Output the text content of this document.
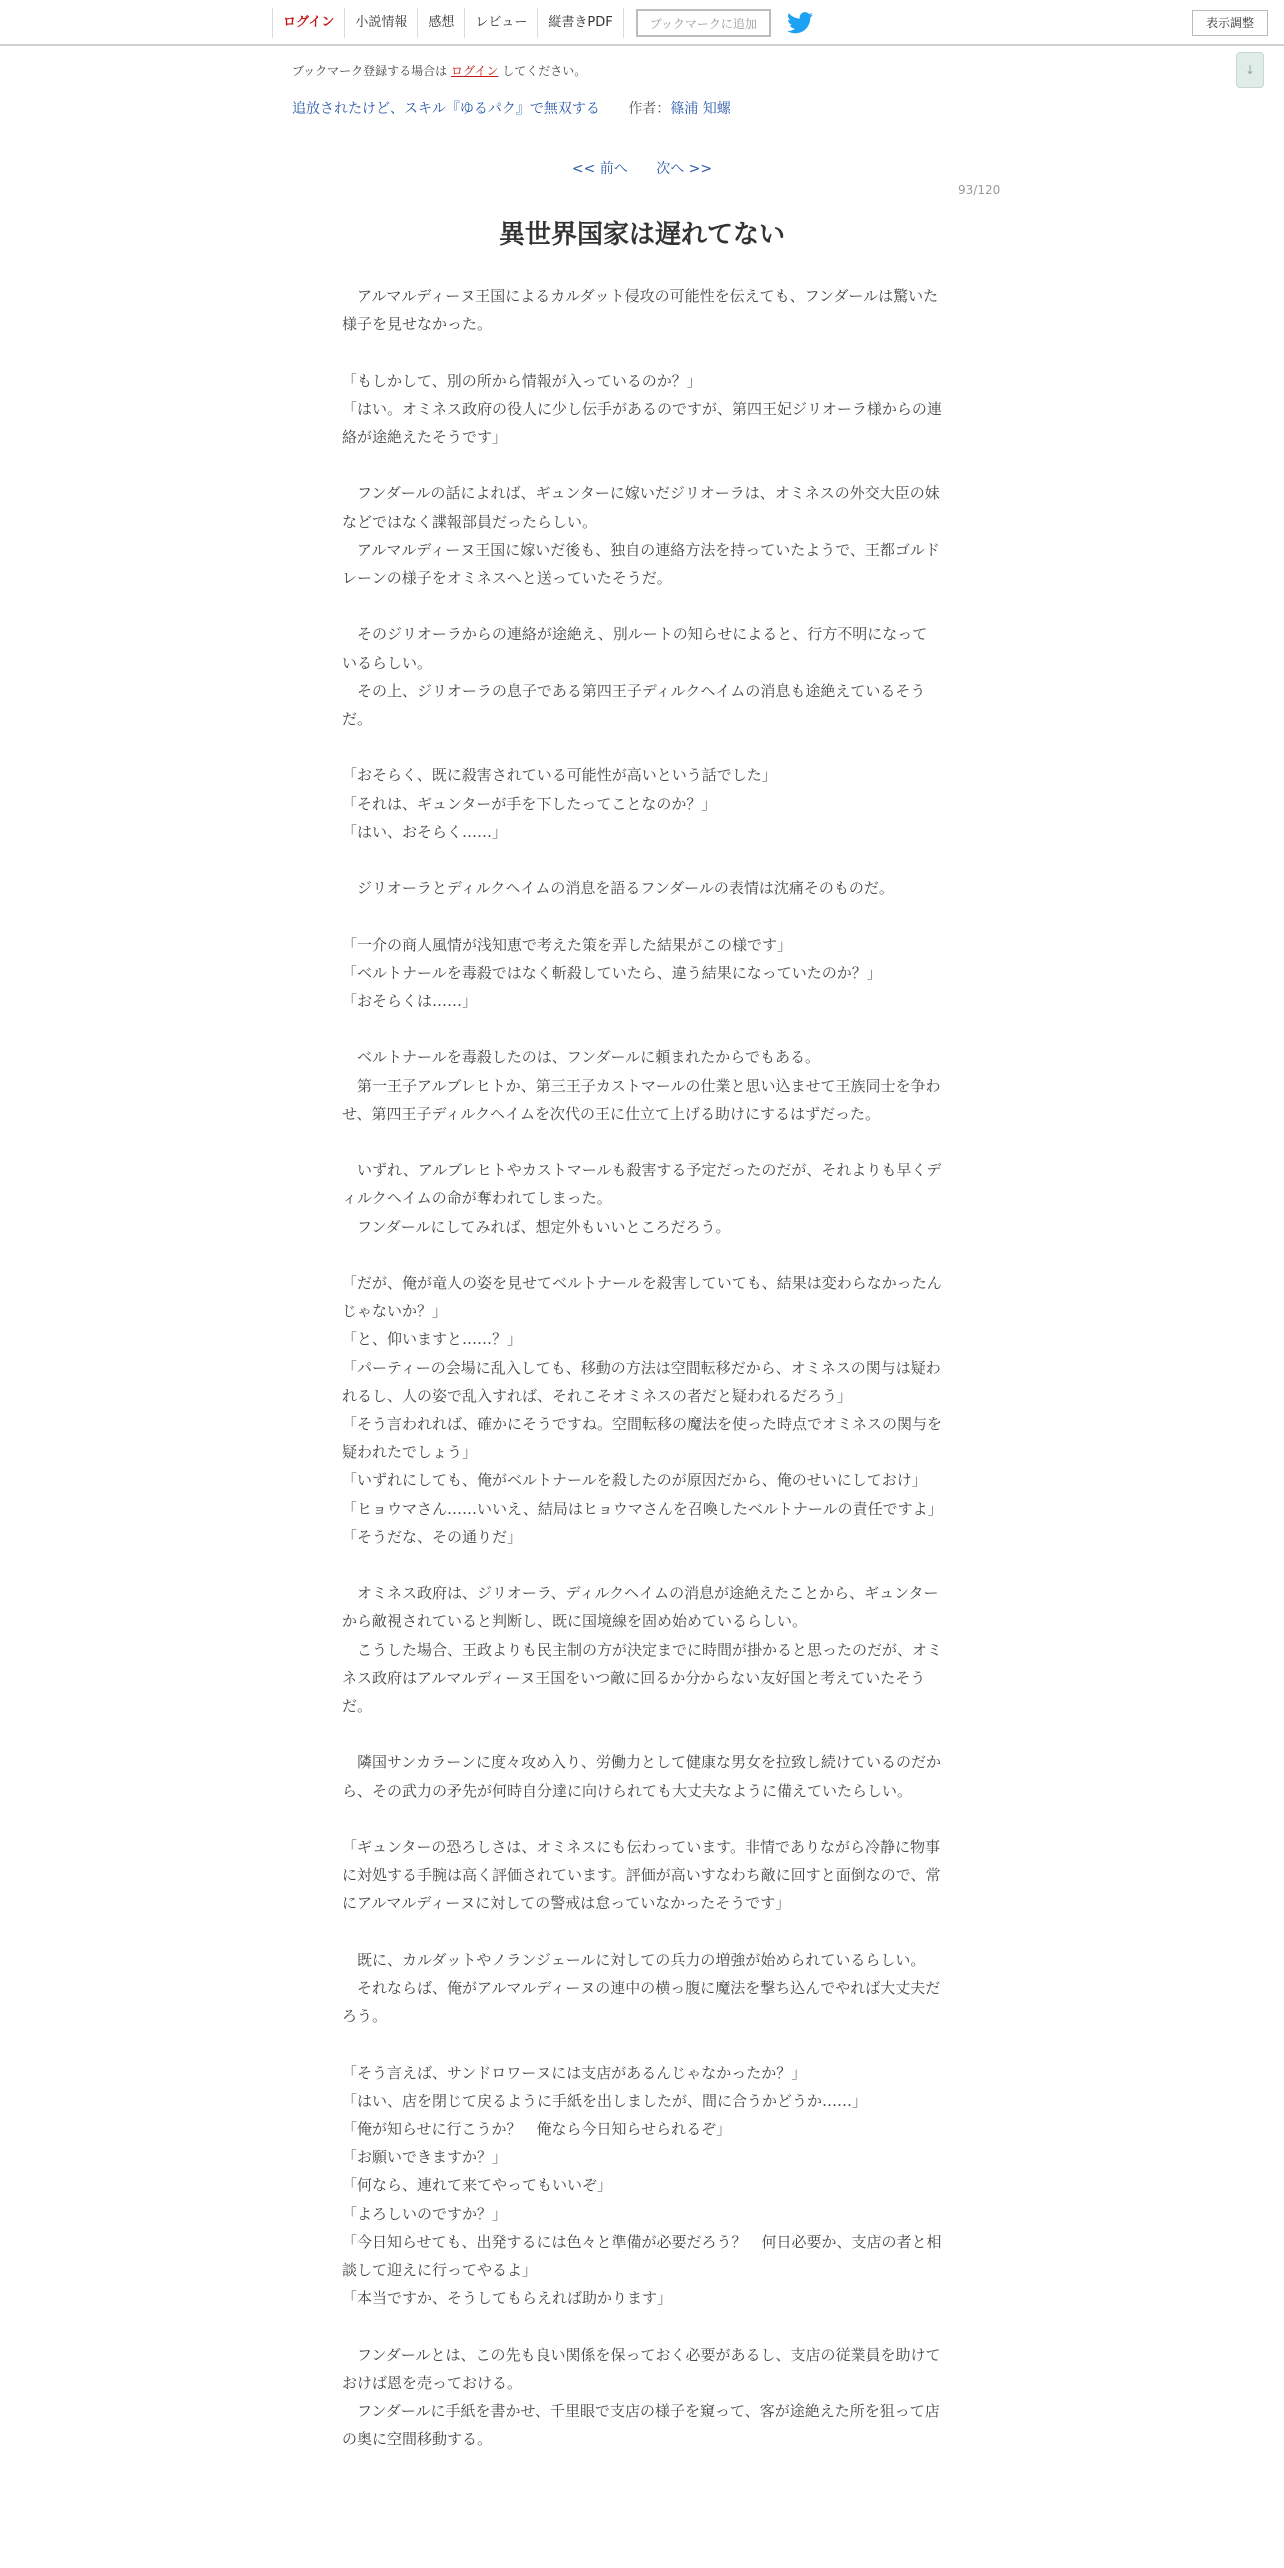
ログイン	小説情報	感想	レビュー	縦書きPDF	ブックマークに追加	表示調整
↓
ブックマーク登録する場合は ログイン してください。
追放されたけど、スキル『ゆるパク』で無双する 作者：篠浦 知螺
<< 前へ 次へ >>
93/120
異世界国家は遅れてない

　アルマルディーヌ王国によるカルダット侵攻の可能性を伝えても、フンダールは驚いた様子を見せなかった。

「もしかして、別の所から情報が入っているのか？」

「はい。オミネス政府の役人に少し伝手があるのですが、第四王妃ジリオーラ様からの連絡が途絶えたそうです」

　フンダールの話によれば、ギュンターに嫁いだジリオーラは、オミネスの外交大臣の妹などではなく諜報部員だったらしい。

　アルマルディーヌ王国に嫁いだ後も、独自の連絡方法を持っていたようで、王都ゴルドレーンの様子をオミネスへと送っていたそうだ。

　そのジリオーラからの連絡が途絶え、別ルートの知らせによると、行方不明になっているらしい。

　その上、ジリオーラの息子である第四王子ディルクヘイムの消息も途絶えているそうだ。

「おそらく、既に殺害されている可能性が高いという話でした」

「それは、ギュンターが手を下したってことなのか？」

「はい、おそらく……」

　ジリオーラとディルクヘイムの消息を語るフンダールの表情は沈痛そのものだ。

「一介の商人風情が浅知恵で考えた策を弄した結果がこの様です」

「ベルトナールを毒殺ではなく斬殺していたら、違う結果になっていたのか？」

「おそらくは……」

　ベルトナールを毒殺したのは、フンダールに頼まれたからでもある。

　第一王子アルブレヒトか、第三王子カストマールの仕業と思い込ませて王族同士を争わせ、第四王子ディルクヘイムを次代の王に仕立て上げる助けにするはずだった。

　いずれ、アルブレヒトやカストマールも殺害する予定だったのだが、それよりも早くディルクヘイムの命が奪われてしまった。

　フンダールにしてみれば、想定外もいいところだろう。

「だが、俺が竜人の姿を見せてベルトナールを殺害していても、結果は変わらなかったんじゃないか？」

「と、仰いますと……？」

「パーティーの会場に乱入しても、移動の方法は空間転移だから、オミネスの関与は疑われるし、人の姿で乱入すれば、それこそオミネスの者だと疑われるだろう」

「そう言われれば、確かにそうですね。空間転移の魔法を使った時点でオミネスの関与を疑われたでしょう」

「いずれにしても、俺がベルトナールを殺したのが原因だから、俺のせいにしておけ」

「ヒョウマさん……いいえ、結局はヒョウマさんを召喚したベルトナールの責任ですよ」

「そうだな、その通りだ」

　オミネス政府は、ジリオーラ、ディルクヘイムの消息が途絶えたことから、ギュンターから敵視されていると判断し、既に国境線を固め始めているらしい。

　こうした場合、王政よりも民主制の方が決定までに時間が掛かると思ったのだが、オミネス政府はアルマルディーヌ王国をいつ敵に回るか分からない友好国と考えていたそうだ。

　隣国サンカラーンに度々攻め入り、労働力として健康な男女を拉致し続けているのだから、その武力の矛先が何時自分達に向けられても大丈夫なように備えていたらしい。

「ギュンターの恐ろしさは、オミネスにも伝わっています。非情でありながら冷静に物事に対処する手腕は高く評価されています。評価が高いすなわち敵に回すと面倒なので、常にアルマルディーヌに対しての警戒は怠っていなかったそうです」

　既に、カルダットやノランジェールに対しての兵力の増強が始められているらしい。

　それならば、俺がアルマルディーヌの連中の横っ腹に魔法を撃ち込んでやれば大丈夫だろう。

「そう言えば、サンドロワーヌには支店があるんじゃなかったか？」

「はい、店を閉じて戻るように手紙を出しましたが、間に合うかどうか……」

「俺が知らせに行こうか？　俺なら今日知らせられるぞ」

「お願いできますか？」

「何なら、連れて来てやってもいいぞ」

「よろしいのですか？」

「今日知らせても、出発するには色々と準備が必要だろう？　何日必要か、支店の者と相談して迎えに行ってやるよ」

「本当ですか、そうしてもらえれば助かります」

　フンダールとは、この先も良い関係を保っておく必要があるし、支店の従業員を助けておけば恩を売っておける。

　フンダールに手紙を書かせ、千里眼で支店の様子を窺って、客が途絶えた所を狙って店の奥に空間移動する。
